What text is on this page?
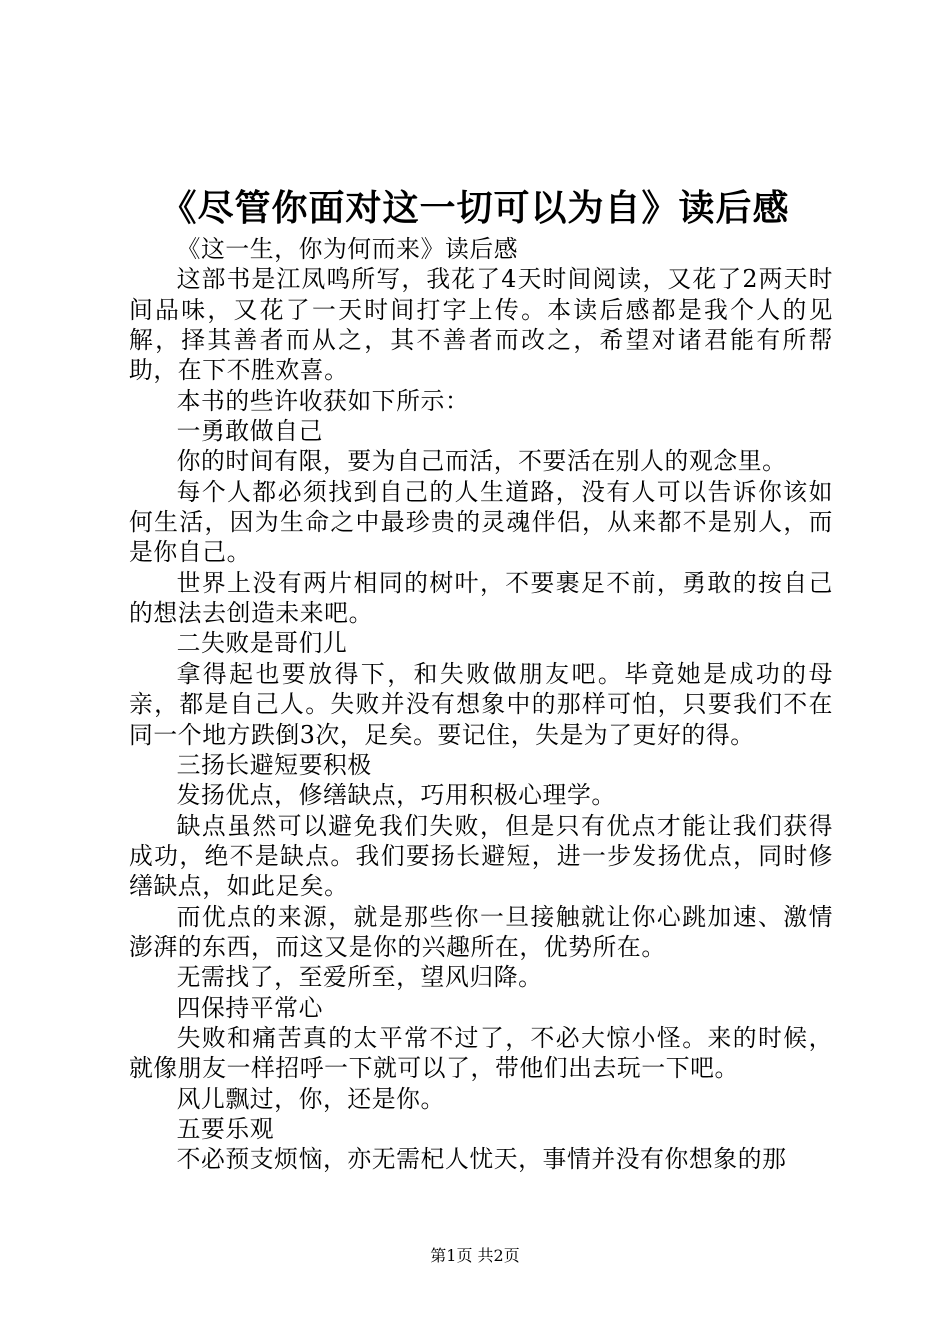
《尽管你面对这一切可以为自》读后感

《这一生，你为何而来》读后感

这部书是江凤鸣所写，我花了4天时间阅读，又花了2两天时间品味，又花了一天时间打字上传。本读后感都是我个人的见解，择其善者而从之，其不善者而改之，希望对诸君能有所帮助，在下不胜欢喜。

本书的些许收获如下所示：

一勇敢做自己

你的时间有限，要为自己而活，不要活在别人的观念里。

每个人都必须找到自己的人生道路，没有人可以告诉你该如何生活，因为生命之中最珍贵的灵魂伴侣，从来都不是别人，而是你自己。

世界上没有两片相同的树叶，不要裹足不前，勇敢的按自己的想法去创造未来吧。

二失败是哥们儿

拿得起也要放得下，和失败做朋友吧。毕竟她是成功的母亲，都是自己人。失败并没有想象中的那样可怕，只要我们不在同一个地方跌倒3次，足矣。要记住，失是为了更好的得。

三扬长避短要积极

发扬优点，修缮缺点，巧用积极心理学。

缺点虽然可以避免我们失败，但是只有优点才能让我们获得成功，绝不是缺点。我们要扬长避短，进一步发扬优点，同时修缮缺点，如此足矣。

而优点的来源，就是那些你一旦接触就让你心跳加速、激情澎湃的东西，而这又是你的兴趣所在，优势所在。

无需找了，至爱所至，望风归降。

四保持平常心

失败和痛苦真的太平常不过了，不必大惊小怪。来的时候，就像朋友一样招呼一下就可以了，带他们出去玩一下吧。

风儿飘过，你，还是你。

五要乐观

不必预支烦恼，亦无需杞人忧天，事情并没有你想象的那

第1页 共2页
